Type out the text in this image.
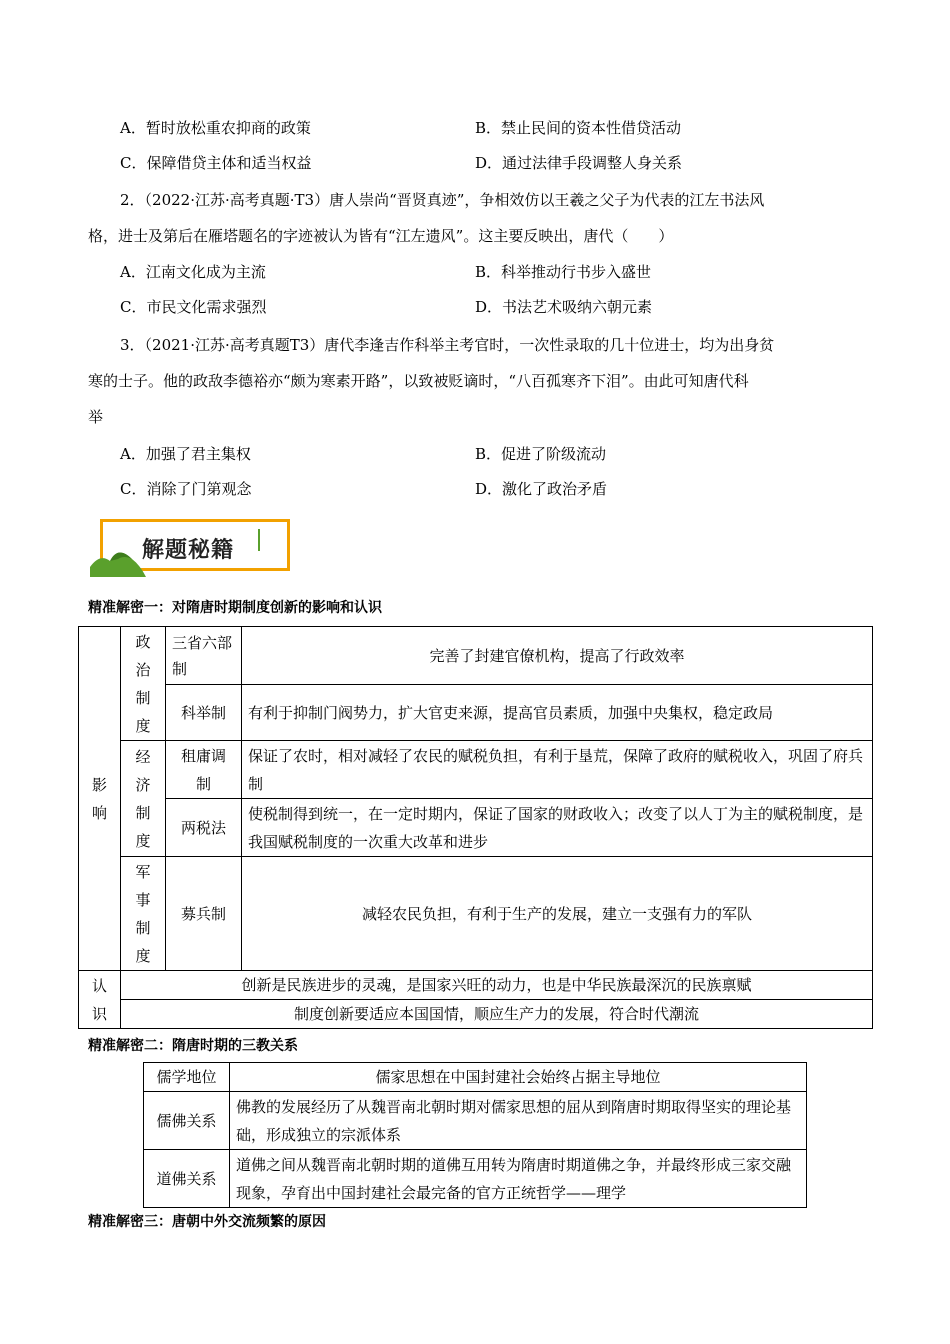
A．暂时放松重农抑商的政策	B．禁止民间的资本性借贷活动
C．保障借贷主体和适当权益	D．通过法律手段调整人身关系
2．（2022·江苏·高考真题·T3）唐人崇尚“晋贤真迹”，争相效仿以王羲之父子为代表的江左书法风
格，进士及第后在雁塔题名的字迹被认为皆有“江左遗风”。这主要反映出，唐代（　　）
A．江南文化成为主流	B．科举推动行书步入盛世
C．市民文化需求强烈	D．书法艺术吸纳六朝元素
3．（2021·江苏·高考真题T3）唐代李逢吉作科举主考官时，一次性录取的几十位进士，均为出身贫
寒的士子。他的政敌李德裕亦“颇为寒素开路”，以致被贬谪时，“八百孤寒齐下泪”。由此可知唐代科
举
A．加强了君主集权	B．促进了阶级流动
C．消除了门第观念	D．激化了政治矛盾
解题秘籍
精准解密一：对隋唐时期制度创新的影响和认识
影响	政治制度	三省六部制	完善了封建官僚机构，提高了行政效率
		科举制	有利于抑制门阀势力，扩大官吏来源，提高官员素质，加强中央集权，稳定政局

	经济制度	租庸调制	保证了农时，相对减轻了农民的赋税负担，有利于垦荒，保障了政府的赋税收入，巩固了府兵制
		两税法	使税制得到统一，在一定时期内，保证了国家的财政收入；改变了以人丁为主的赋税制度，是我国赋税制度的一次重大改革和进步

	军事制度	募兵制	减轻农民负担，有利于生产的发展，建立一支强有力的军队

认识	创新是民族进步的灵魂，是国家兴旺的动力，也是中华民族最深沉的民族禀赋		
	制度创新要适应本国国情，顺应生产力的发展，符合时代潮流		
精准解密二：隋唐时期的三教关系
儒学地位	儒家思想在中国封建社会始终占据主导地位
儒佛关系	佛教的发展经历了从魏晋南北朝时期对儒家思想的屈从到隋唐时期取得坚实的理论基础，形成独立的宗派体系
道佛关系	道佛之间从魏晋南北朝时期的道佛互用转为隋唐时期道佛之争，并最终形成三家交融现象，孕育出中国封建社会最完备的官方正统哲学——理学
精准解密三：唐朝中外交流频繁的原因
